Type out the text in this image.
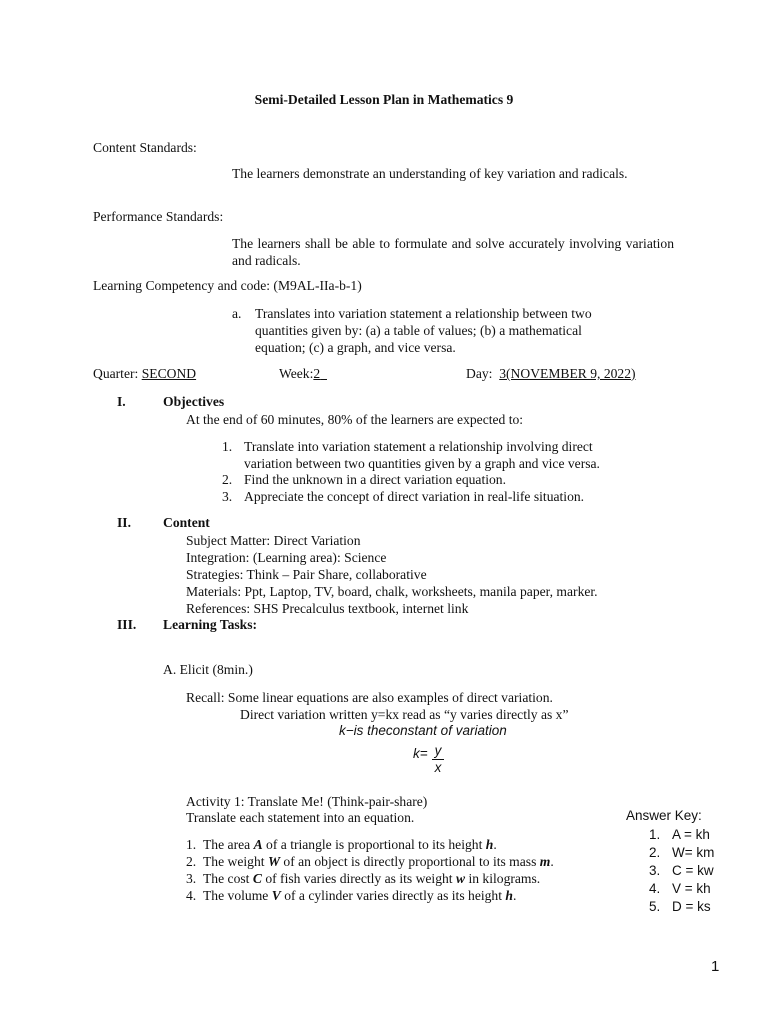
Semi-Detailed Lesson Plan in Mathematics 9
Content Standards:
The learners demonstrate an understanding of key variation and radicals.
Performance Standards:
The learners shall be able to formulate and solve accurately involving variation and radicals.
Learning Competency and code: (M9AL-IIa-b-1)
a. Translates into variation statement a relationship between two
quantities given by: (a) a table of values; (b) a mathematical
equation; (c) a graph, and vice versa.
Quarter: SECOND	Week:2	Day: 3(NOVEMBER 9, 2022)
I.	Objectives
At the end of 60 minutes, 80% of the learners are expected to:
1. Translate into variation statement a relationship involving direct
variation between two quantities given by a graph and vice versa.
2. Find the unknown in a direct variation equation.
3. Appreciate the concept of direct variation in real-life situation.
II. Content
Subject Matter: Direct Variation
Integration: (Learning area): Science
Strategies: Think – Pair Share, collaborative
Materials: Ppt, Laptop, TV, board, chalk, worksheets, manila paper, marker.
References: SHS Precalculus textbook, internet link
III. Learning Tasks:
A. Elicit (8min.)
Recall: Some linear equations are also examples of direct variation.
Direct variation written y=kx read as “y varies directly as x”
k−is theconstant of variation
k= y
x
Activity 1: Translate Me! (Think-pair-share)
Translate each statement into an equation.
1. The area A of a triangle is proportional to its height h.
2. The weight W of an object is directly proportional to its mass m.
3. The cost C of fish varies directly as its weight w in kilograms.
4. The volume V of a cylinder varies directly as its height h.
Answer Key:
1. A = kh
2. W= km
3. C = kw
4. V = kh
5. D = ks
1
